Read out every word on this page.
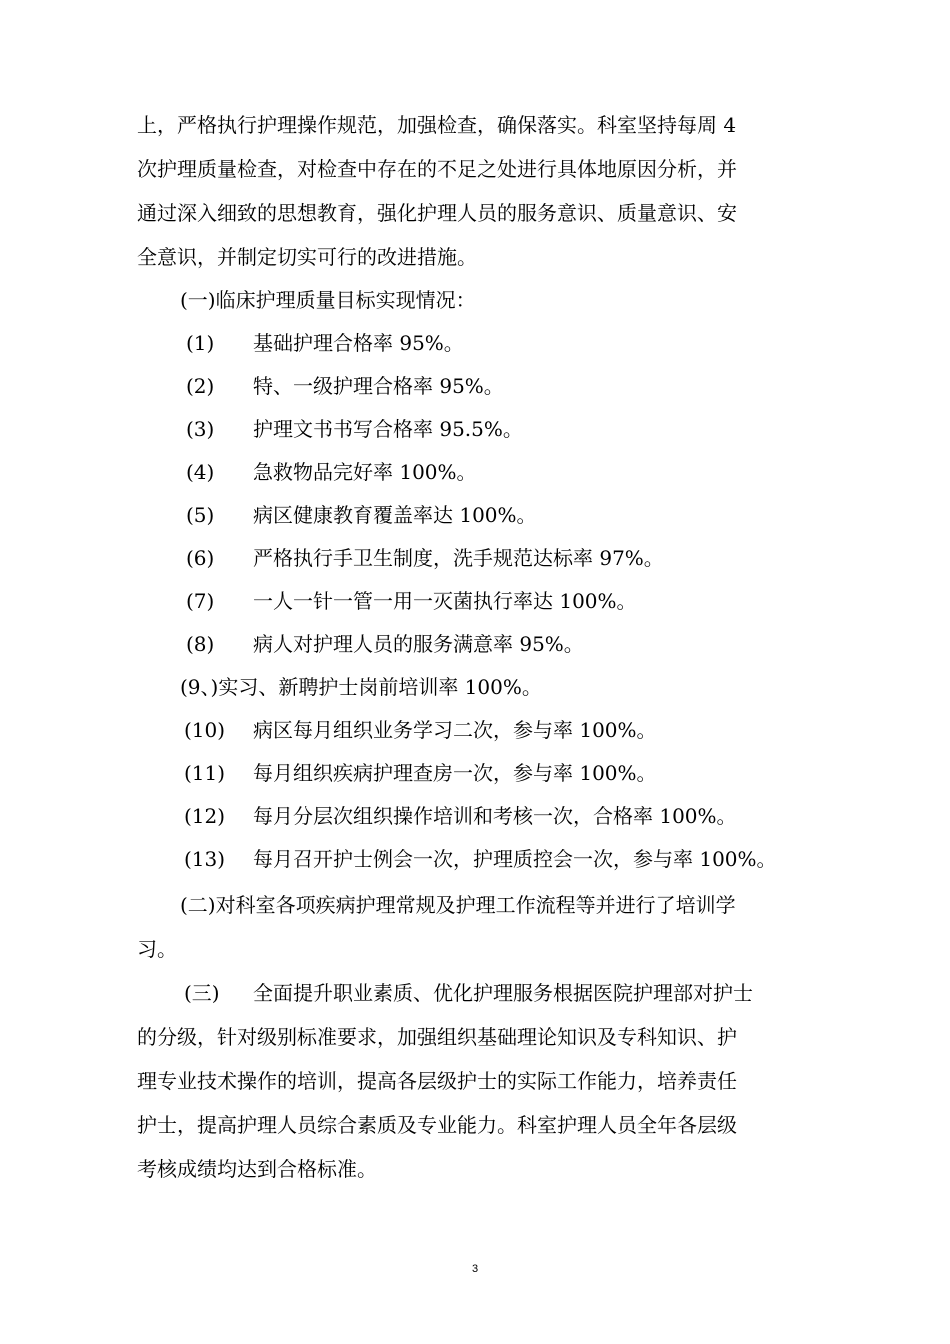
上，严格执行护理操作规范，加强检查，确保落实。科室坚持每周 4

次护理质量检查，对检查中存在的不足之处进行具体地原因分析，并

通过深入细致的思想教育，强化护理人员的服务意识、质量意识、安

全意识，并制定切实可行的改进措施。

(一)临床护理质量目标实现情况：

(1) 基础护理合格率 95%。

(2) 特、一级护理合格率 95%。

(3) 护理文书书写合格率 95.5%。

(4) 急救物品完好率 100%。

(5) 病区健康教育覆盖率达 100%。

(6) 严格执行手卫生制度，洗手规范达标率 97%。

(7) 一人一针一管一用一灭菌执行率达 100%。

(8) 病人对护理人员的服务满意率 95%。

(9、)实习、新聘护士岗前培训率 100%。

(10) 病区每月组织业务学习二次，参与率 100%。

(11) 每月组织疾病护理查房一次，参与率 100%。

(12) 每月分层次组织操作培训和考核一次，合格率 100%。

(13) 每月召开护士例会一次，护理质控会一次，参与率 100%。

(二)对科室各项疾病护理常规及护理工作流程等并进行了培训学

习。

(三) 全面提升职业素质、优化护理服务根据医院护理部对护士

的分级，针对级别标准要求，加强组织基础理论知识及专科知识、护

理专业技术操作的培训，提高各层级护士的实际工作能力，培养责任

护士，提高护理人员综合素质及专业能力。科室护理人员全年各层级

考核成绩均达到合格标准。

3
